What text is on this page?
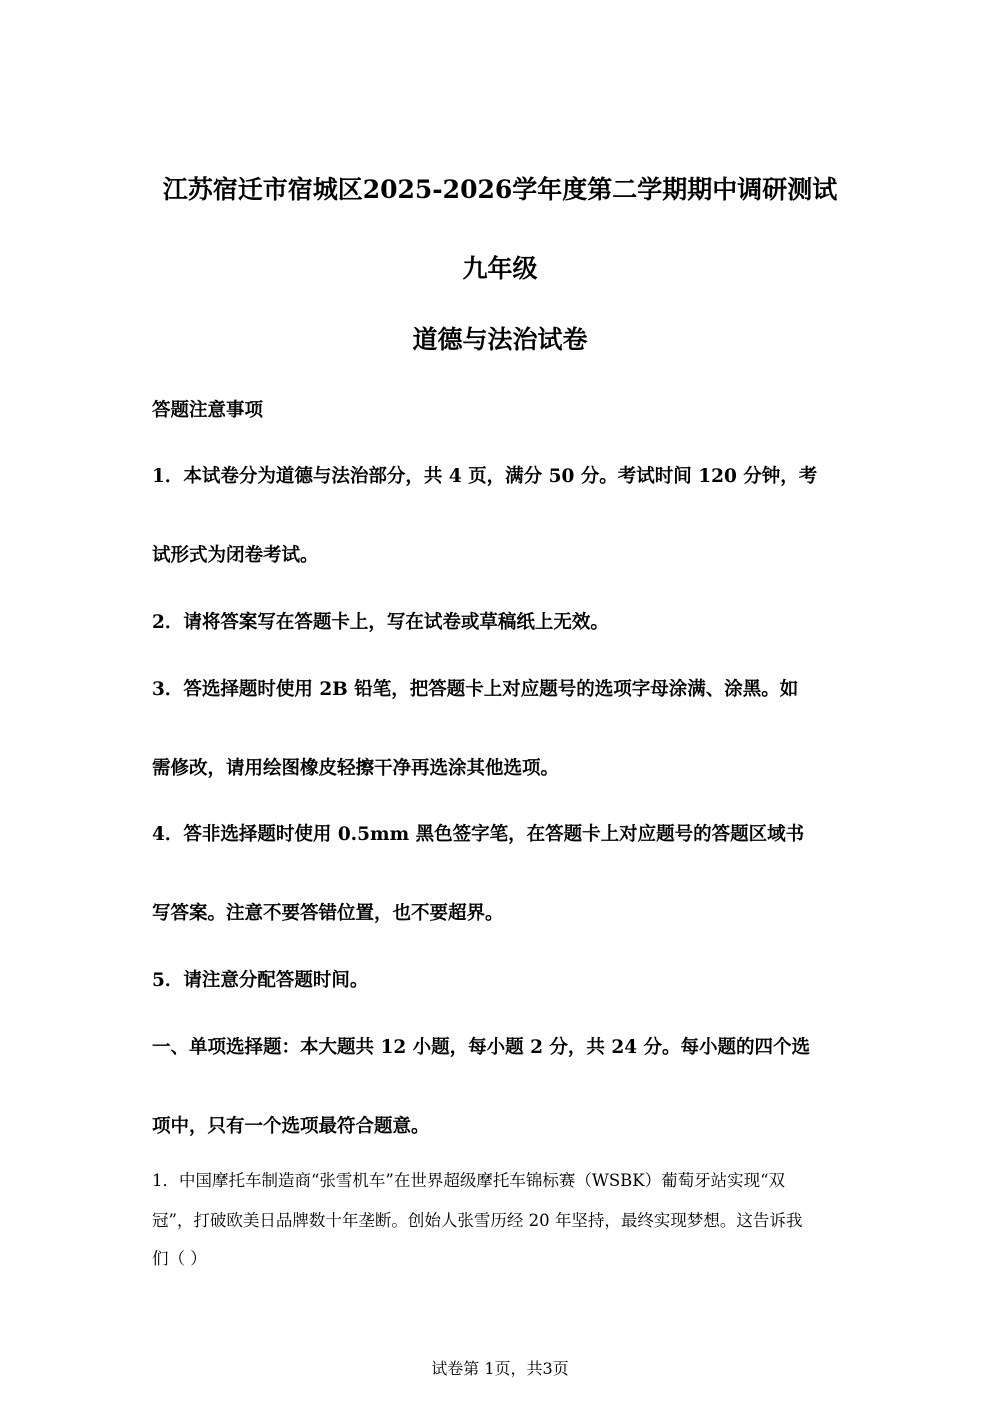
江苏宿迁市宿城区2025-2026学年度第二学期期中调研测试
九年级
道德与法治试卷
答题注意事项
1．本试卷分为道德与法治部分，共 4 页，满分 50 分。考试时间 120 分钟，考
试形式为闭卷考试。
2．请将答案写在答题卡上，写在试卷或草稿纸上无效。
3．答选择题时使用 2B 铅笔，把答题卡上对应题号的选项字母涂满、涂黑。如
需修改，请用绘图橡皮轻擦干净再选涂其他选项。
4．答非选择题时使用 0.5mm 黑色签字笔，在答题卡上对应题号的答题区域书
写答案。注意不要答错位置，也不要超界。
5．请注意分配答题时间。
一、单项选择题：本大题共 12 小题，每小题 2 分，共 24 分。每小题的四个选
项中，只有一个选项最符合题意。
1．中国摩托车制造商“张雪机车”在世界超级摩托车锦标赛（WSBK）葡萄牙站实现“双
冠”，打破欧美日品牌数十年垄断。创始人张雪历经 20 年坚持，最终实现梦想。这告诉我
们（ ）
试卷第 1页，共3页
